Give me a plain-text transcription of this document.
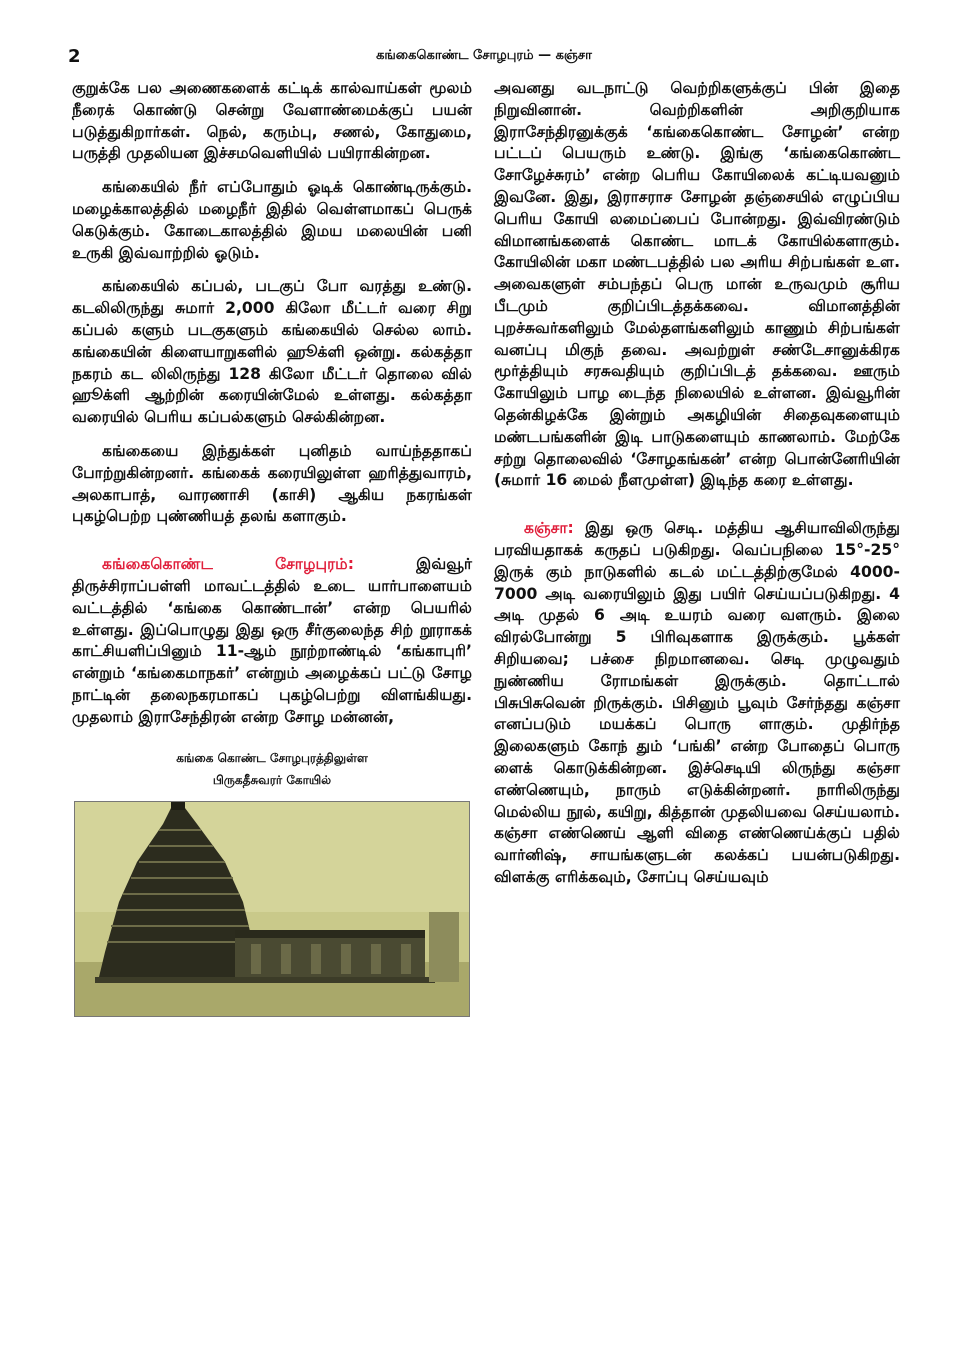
2	கங்கைகொண்ட சோழபுரம் — கஞ்சா

குறுக்கே பல அணைகளைக் கட்டிக் கால்வாய்கள் மூலம் நீரைக் கொண்டு சென்று வேளாண்மைக்குப் பயன் படுத்துகிறார்கள். நெல், கரும்பு, சணல், கோதுமை, பருத்தி முதலியன இச்சமவெளியில் பயிராகின்றன.

கங்கையில் நீர் எப்போதும் ஓடிக் கொண்டிருக்கும். மழைக்காலத்தில் மழைநீர் இதில் வெள்ளமாகப் பெருக் கெடுக்கும். கோடைகாலத்தில் இமய மலையின் பனி உருகி இவ்வாற்றில் ஓடும்.

கங்கையில் கப்பல், படகுப் போ வரத்து உண்டு. கடலிலிருந்து சுமார் 2,000 கிலோ மீட்டர் வரை சிறு கப்பல் களும் படகுகளும் கங்கையில் செல்ல லாம். கங்கையின் கிளையாறுகளில் ஹூக்ளி ஒன்று. கல்கத்தா நகரம் கட லிலிருந்து 128 கிலோ மீட்டர் தொலை வில் ஹூக்ளி ஆற்றின் கரையின்மேல் உள்ளது. கல்கத்தா வரையில் பெரிய கப்பல்களும் செல்கின்றன.

கங்கையை இந்துக்கள் புனிதம் வாய்ந்ததாகப் போற்றுகின்றனர். கங்கைக் கரையிலுள்ள ஹரித்துவாரம், அலகாபாத், வாரணாசி (காசி) ஆகிய நகரங்கள் புகழ்பெற்ற புண்ணியத் தலங் களாகும்.

கங்கைகொண்ட சோழபுரம்: இவ்வூர் திருச்சிராப்பள்ளி மாவட்டத்தில் உடை யார்பாளையம் வட்டத்தில் ‘கங்கை கொண்டான்’ என்ற பெயரில் உள்ளது. இப்பொழுது இது ஒரு சீர்குலைந்த சிற் றூராகக் காட்சியளிப்பினும் 11-ஆம் நூற்றாண்டில் ‘கங்காபுரி’ என்றும் ‘கங்கைமாநகர்’ என்றும் அழைக்கப் பட்டு சோழ நாட்டின் தலைநகரமாகப் புகழ்பெற்று விளங்கியது. முதலாம் இராசேந்திரன் என்ற சோழ மன்னன்,

கங்கை கொண்ட சோழபுரத்திலுள்ள
பிருகதீசுவரர் கோயில்

அவனது வடநாட்டு வெற்றிகளுக்குப் பின் இதை நிறுவினான். வெற்றிகளின் அறிகுறியாக இராசேந்திரனுக்குக் ‘கங்கைகொண்ட சோழன்’ என்ற பட்டப் பெயரும் உண்டு. இங்கு ‘கங்கைகொண்ட சோழேச்சுரம்’ என்ற பெரிய கோயிலைக் கட்டியவனும் இவனே. இது, இராசராச சோழன் தஞ்சையில் எழுப்பிய பெரிய கோயி லமைப்பைப் போன்றது. இவ்விரண்டும் விமானங்களைக் கொண்ட மாடக் கோயில்களாகும். கோயிலின் மகா மண்டபத்தில் பல அரிய சிற்பங்கள் உள. அவைகளுள் சம்பந்தப் பெரு மான் உருவமும் சூரிய பீடமும் குறிப்பிடத்தக்கவை. விமானத்தின் புறச்சுவர்களிலும் மேல்தளங்களிலும் காணும் சிற்பங்கள் வனப்பு மிகுந் தவை. அவற்றுள் சண்டேசானுக்கிரக மூர்த்தியும் சரசுவதியும் குறிப்பிடத் தக்கவை. ஊரும் கோயிலும் பாழ டைந்த நிலையில் உள்ளன. இவ்வூரின் தென்கிழக்கே இன்றும் அகழியின் சிதைவுகளையும் மண்டபங்களின் இடி பாடுகளையும் காணலாம். மேற்கே சற்று தொலைவில் ‘சோழகங்கன்’ என்ற பொன்னேரியின் (சுமார் 16 மைல் நீளமுள்ள) இடிந்த கரை உள்ளது.

கஞ்சா: இது ஒரு செடி. மத்திய ஆசியாவிலிருந்து பரவியதாகக் கருதப் படுகிறது. வெப்பநிலை 15°-25° இருக் கும் நாடுகளில் கடல் மட்டத்திற்குமேல் 4000-7000 அடி வரையிலும் இது பயிர் செய்யப்படுகிறது. 4 அடி முதல் 6 அடி உயரம் வரை வளரும். இலை விரல்போன்று 5 பிரிவுகளாக இருக்கும். பூக்கள் சிறியவை; பச்சை நிறமானவை. செடி முழுவதும் நுண்ணிய ரோமங்கள் இருக்கும். தொட்டால் பிசுபிசுவென் றிருக்கும். பிசினும் பூவும் சேர்ந்தது கஞ்சா எனப்படும் மயக்கப் பொரு ளாகும். முதிர்ந்த இலைகளும் கோந் தும் ‘பங்கி’ என்ற போதைப் பொரு ளைக் கொடுக்கின்றன. இச்செடியி லிருந்து கஞ்சா எண்ணெயும், நாரும் எடுக்கின்றனர். நாரிலிருந்து மெல்லிய நூல், கயிறு, கித்தான் முதலியவை செய்யலாம். கஞ்சா எண்ணெய் ஆளி விதை எண்ணெய்க்குப் பதில் வார்னிஷ், சாயங்களுடன் கலக்கப் பயன்படுகிறது. விளக்கு எரிக்கவும், சோப்பு செய்யவும்
